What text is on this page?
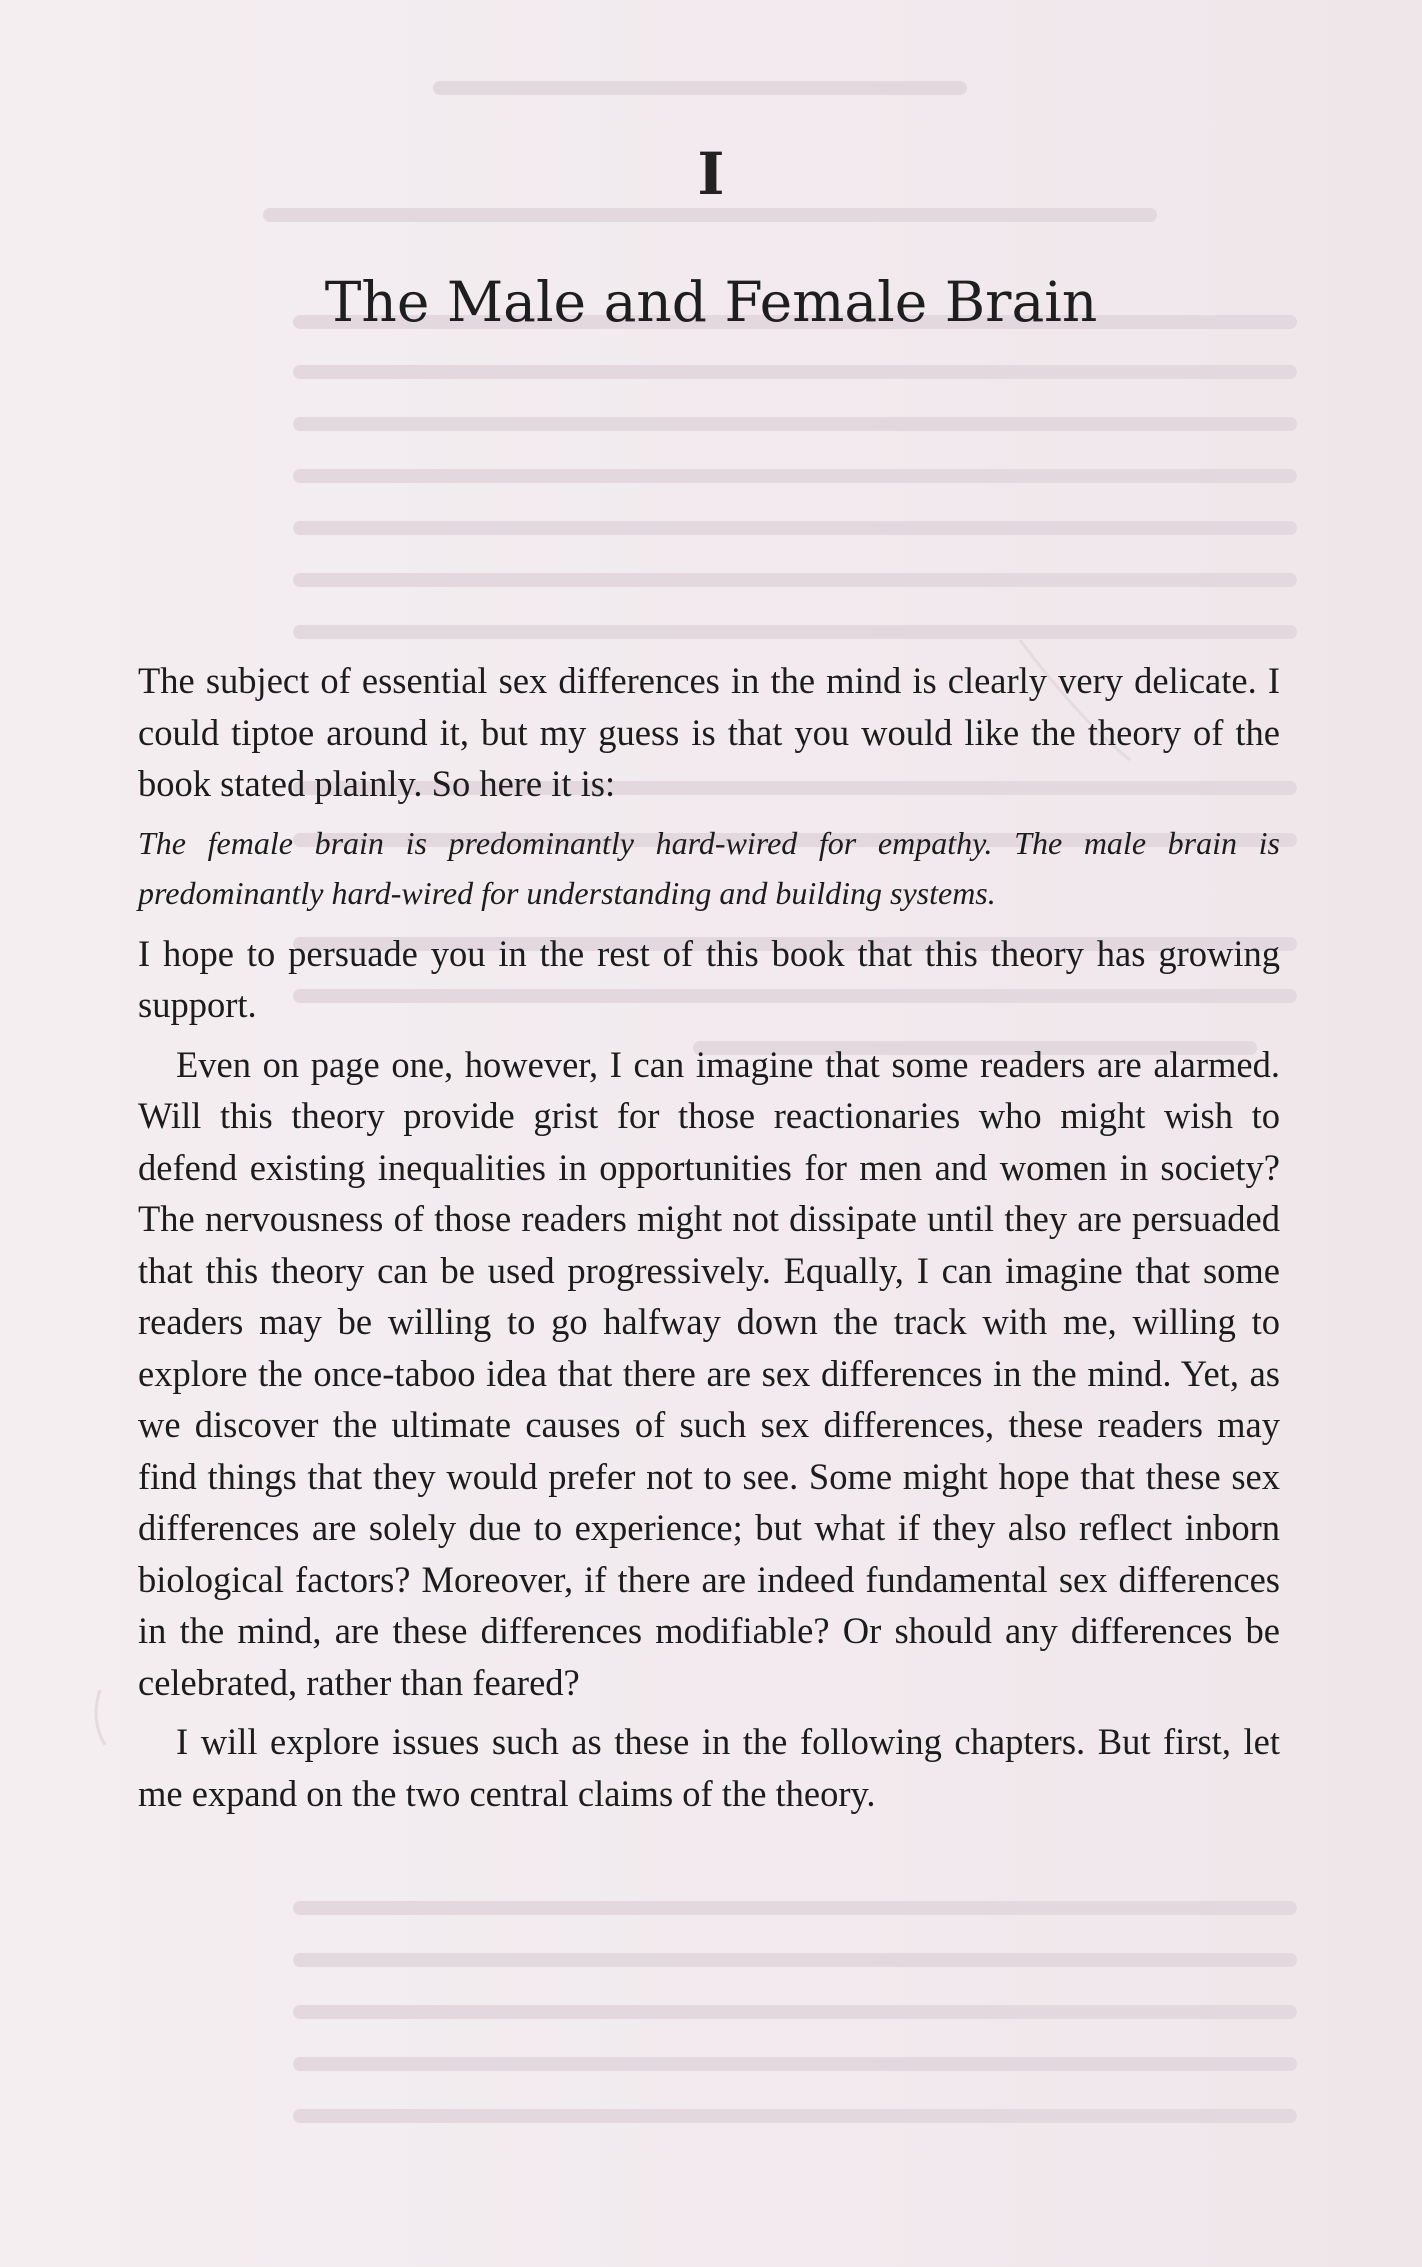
I
The Male and Female Brain

The subject of essential sex differences in the mind is clearly very delicate. I could tiptoe around it, but my guess is that you would like the theory of the book stated plainly. So here it is:

The female brain is predominantly hard-wired for empathy. The male brain is predominantly hard-wired for understanding and building systems.

I hope to persuade you in the rest of this book that this theory has growing support.

Even on page one, however, I can imagine that some readers are alarmed. Will this theory provide grist for those reactionaries who might wish to defend existing inequalities in opportunities for men and women in society? The nervousness of those readers might not dissipate until they are persuaded that this theory can be used progressively. Equally, I can imagine that some readers may be willing to go halfway down the track with me, willing to explore the once-taboo idea that there are sex differences in the mind. Yet, as we discover the ultimate causes of such sex differences, these readers may find things that they would prefer not to see. Some might hope that these sex differences are solely due to experience; but what if they also reflect inborn biological factors? Moreover, if there are indeed fundamental sex differences in the mind, are these differences modifiable? Or should any differences be celebrated, rather than feared?

I will explore issues such as these in the following chapters. But first, let me expand on the two central claims of the theory.
